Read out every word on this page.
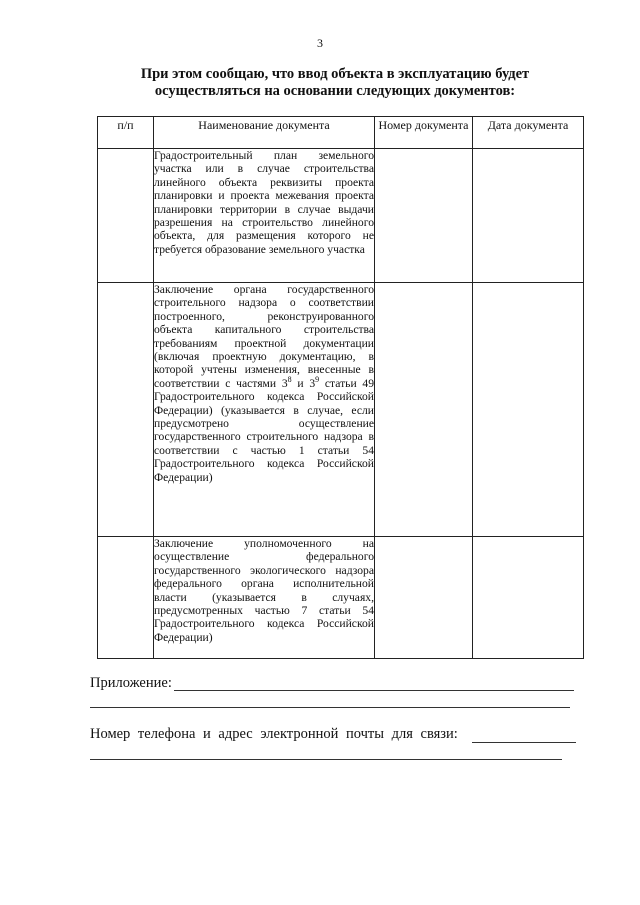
3
При этом сообщаю, что ввод объекта в эксплуатацию будет
осуществляться на основании следующих документов:
п/п	Наименование документа	Номер документа	Дата документа
	Градостроительный план земельного участка или в случае строительства линейного объекта реквизиты проекта планировки и проекта межевания проекта планировки территории в случае выдачи разрешения на строительство линейного объекта, для размещения которого не требуется образование земельного участка		
	Заключение органа государственного строительного надзора о соответствии построенного, реконструированного объекта капитального строительства требованиям проектной документации (включая проектную документацию, в которой учтены изменения, внесенные в соответствии с частями $3^8$ и $3^9$ статьи 49 Градостроительного кодекса Российской Федерации) (указывается в случае, если предусмотрено осуществление государственного строительного надзора в соответствии с частью 1 статьи 54 Градостроительного кодекса Российской Федерации)		
	Заключение уполномоченного на осуществление федерального государственного экологического надзора федерального органа исполнительной власти (указывается в случаях, предусмотренных частью 7 статьи 54 Градостроительного кодекса Российской Федерации)		
Приложение:
Номер телефона и адрес электронной почты для связи:
